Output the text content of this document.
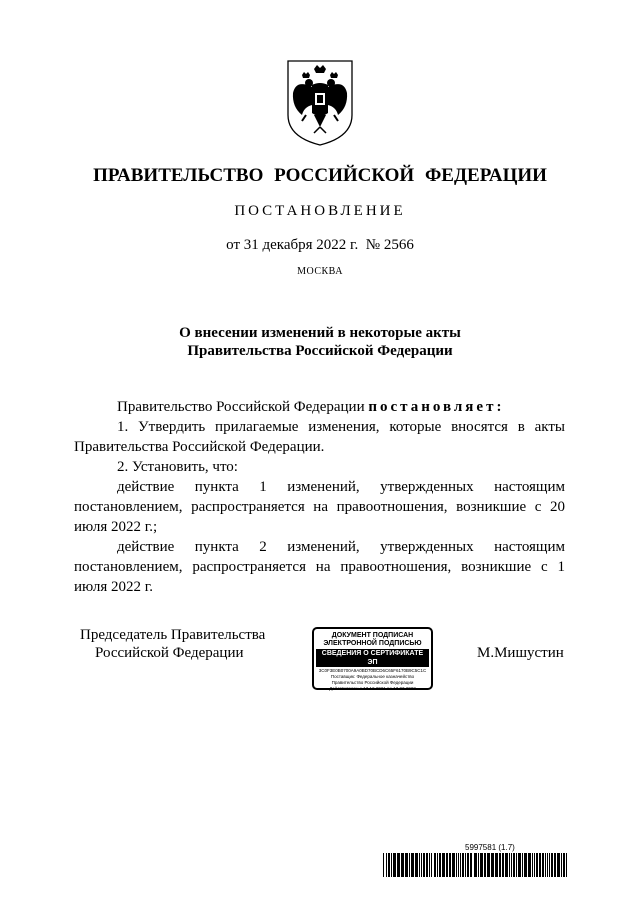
ПРАВИТЕЛЬСТВО РОССИЙСКОЙ ФЕДЕРАЦИИ
ПОСТАНОВЛЕНИЕ
от 31 декабря 2022 г.  № 2566
МОСКВА
О внесении изменений в некоторые акты
Правительства Российской Федерации
Правительство Российской Федерации постановляет:
1. Утвердить прилагаемые изменения, которые вносятся в акты Правительства Российской Федерации.
2. Установить, что:
действие пункта 1 изменений, утвержденных настоящим постановлением, распространяется на правоотношения, возникшие с 20 июля 2022 г.;
действие пункта 2 изменений, утвержденных настоящим постановлением, распространяется на правоотношения, возникшие с 1 июля 2022 г.
Председатель Правительства
Российской Федерации	М.Мишустин
ДОКУМЕНТ ПОДПИСАН
ЭЛЕКТРОННОЙ ПОДПИСЬЮ
СВЕДЕНИЯ О СЕРТИФИКАТЕ ЭП
3C0F3E0B0700A9A0BD70BCD6C65F6170B9C5C1C
Поставщик: Федеральное казначейство
Правительство Российской Федерации
Действителен с 13.12.2021 по 13.03.2023
5997581 (1.7)
